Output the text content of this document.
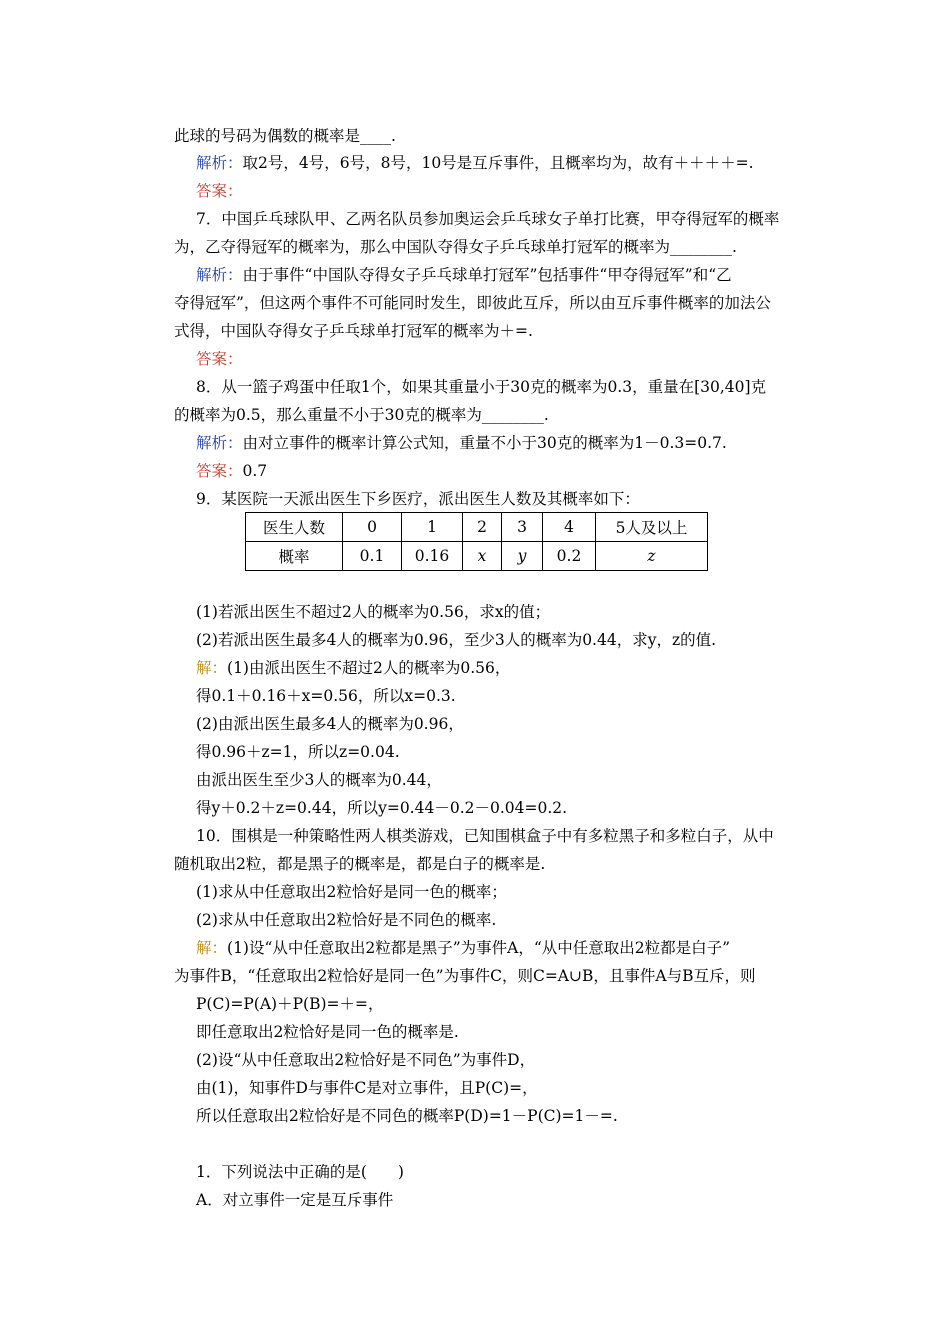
此球的号码为偶数的概率是____.
解析：取2号，4号，6号，8号，10号是互斥事件，且概率均为，故有＋＋＋＋=.
答案：
7．中国乒乓球队甲、乙两名队员参加奥运会乒乓球女子单打比赛，甲夺得冠军的概率
为，乙夺得冠军的概率为，那么中国队夺得女子乒乓球单打冠军的概率为________.
解析：由于事件“中国队夺得女子乒乓球单打冠军”包括事件“甲夺得冠军”和“乙
夺得冠军”，但这两个事件不可能同时发生，即彼此互斥，所以由互斥事件概率的加法公
式得，中国队夺得女子乒乓球单打冠军的概率为＋=.
答案：
8．从一篮子鸡蛋中任取1个，如果其重量小于30克的概率为0.3，重量在[30,40]克
的概率为0.5，那么重量不小于30克的概率为________.
解析：由对立事件的概率计算公式知，重量不小于30克的概率为1－0.3=0.7.
答案：0.7
9．某医院一天派出医生下乡医疗，派出医生人数及其概率如下：
(1)若派出医生不超过2人的概率为0.56，求x的值；
(2)若派出医生最多4人的概率为0.96，至少3人的概率为0.44，求y，z的值.
解：(1)由派出医生不超过2人的概率为0.56，
得0.1＋0.16＋x=0.56，所以x=0.3.
(2)由派出医生最多4人的概率为0.96，
得0.96＋z=1，所以z=0.04.
由派出医生至少3人的概率为0.44，
得y＋0.2＋z=0.44，所以y=0.44－0.2－0.04=0.2.
10．围棋是一种策略性两人棋类游戏，已知围棋盒子中有多粒黑子和多粒白子，从中
随机取出2粒，都是黑子的概率是，都是白子的概率是.
(1)求从中任意取出2粒恰好是同一色的概率；
(2)求从中任意取出2粒恰好是不同色的概率.
解：(1)设“从中任意取出2粒都是黑子”为事件A，“从中任意取出2粒都是白子”
为事件B，“任意取出2粒恰好是同一色”为事件C，则C=A∪B，且事件A与B互斥，则
P(C)=P(A)＋P(B)=＋=，
即任意取出2粒恰好是同一色的概率是.
(2)设“从中任意取出2粒恰好是不同色”为事件D，
由(1)，知事件D与事件C是对立事件，且P(C)=，
所以任意取出2粒恰好是不同色的概率P(D)=1－P(C)=1－=.
1．下列说法中正确的是(　　)
A．对立事件一定是互斥事件
医生人数	0	1	2	3	4	5人及以上
概率	0.1	0.16	x	y	0.2	z
